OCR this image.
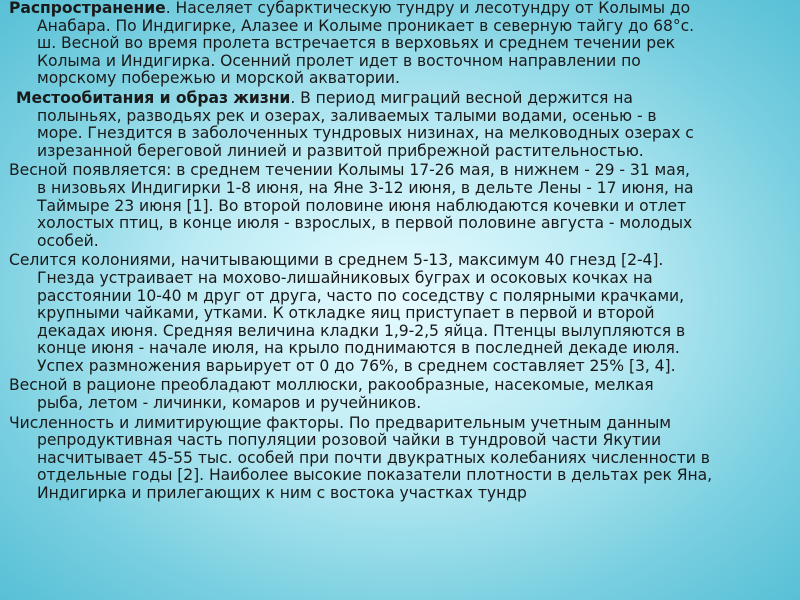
Распространение. Населяет субарктическую тундру и лесотундру от Колымы до
Анабара. По Индигирке, Алазее и Колыме проникает в северную тайгу до 68°с.
ш. Весной во время пролета встречается в верховьях и среднем течении рек
Колыма и Индигирка. Осенний пролет идет в восточном направлении по
морскому побережью и морской акватории.
Местообитания и образ жизни. В период миграций весной держится на
полыньях, разводьях рек и озерах, заливаемых талыми водами, осенью - в
море. Гнездится в заболоченных тундровых низинах, на мелководных озерах с
изрезанной береговой линией и развитой прибрежной растительностью.
Весной появляется: в среднем течении Колымы 17-26 мая, в нижнем - 29 - 31 мая,
в низовьях Индигирки 1-8 июня, на Яне 3-12 июня, в дельте Лены - 17 июня, на
Таймыре 23 июня [1]. Во второй половине июня наблюдаются кочевки и отлет
холостых птиц, в конце июля - взрослых, в первой половине августа - молодых
особей.
Селится колониями, начитывающими в среднем 5-13, максимум 40 гнезд [2-4].
Гнезда устраивает на мохово-лишайниковых буграх и осоковых кочках на
расстоянии 10-40 м друг от друга, часто по соседству с полярными крачками,
крупными чайками, утками. К откладке яиц приступает в первой и второй
декадах июня. Средняя величина кладки 1,9-2,5 яйца. Птенцы вылупляются в
конце июня - начале июля, на крыло поднимаются в последней декаде июля.
Успех размножения варьирует от 0 до 76%, в среднем составляет 25% [3, 4].
Весной в рационе преобладают моллюски, ракообразные, насекомые, мелкая
рыба, летом - личинки, комаров и ручейников.
Численность и лимитирующие факторы. По предварительным учетным данным
репродуктивная часть популяции розовой чайки в тундровой части Якутии
насчитывает 45-55 тыс. особей при почти двукратных колебаниях численности в
отдельные годы [2]. Наиболее высокие показатели плотности в дельтах рек Яна,
Индигирка и прилегающих к ним с востока участках тундр
